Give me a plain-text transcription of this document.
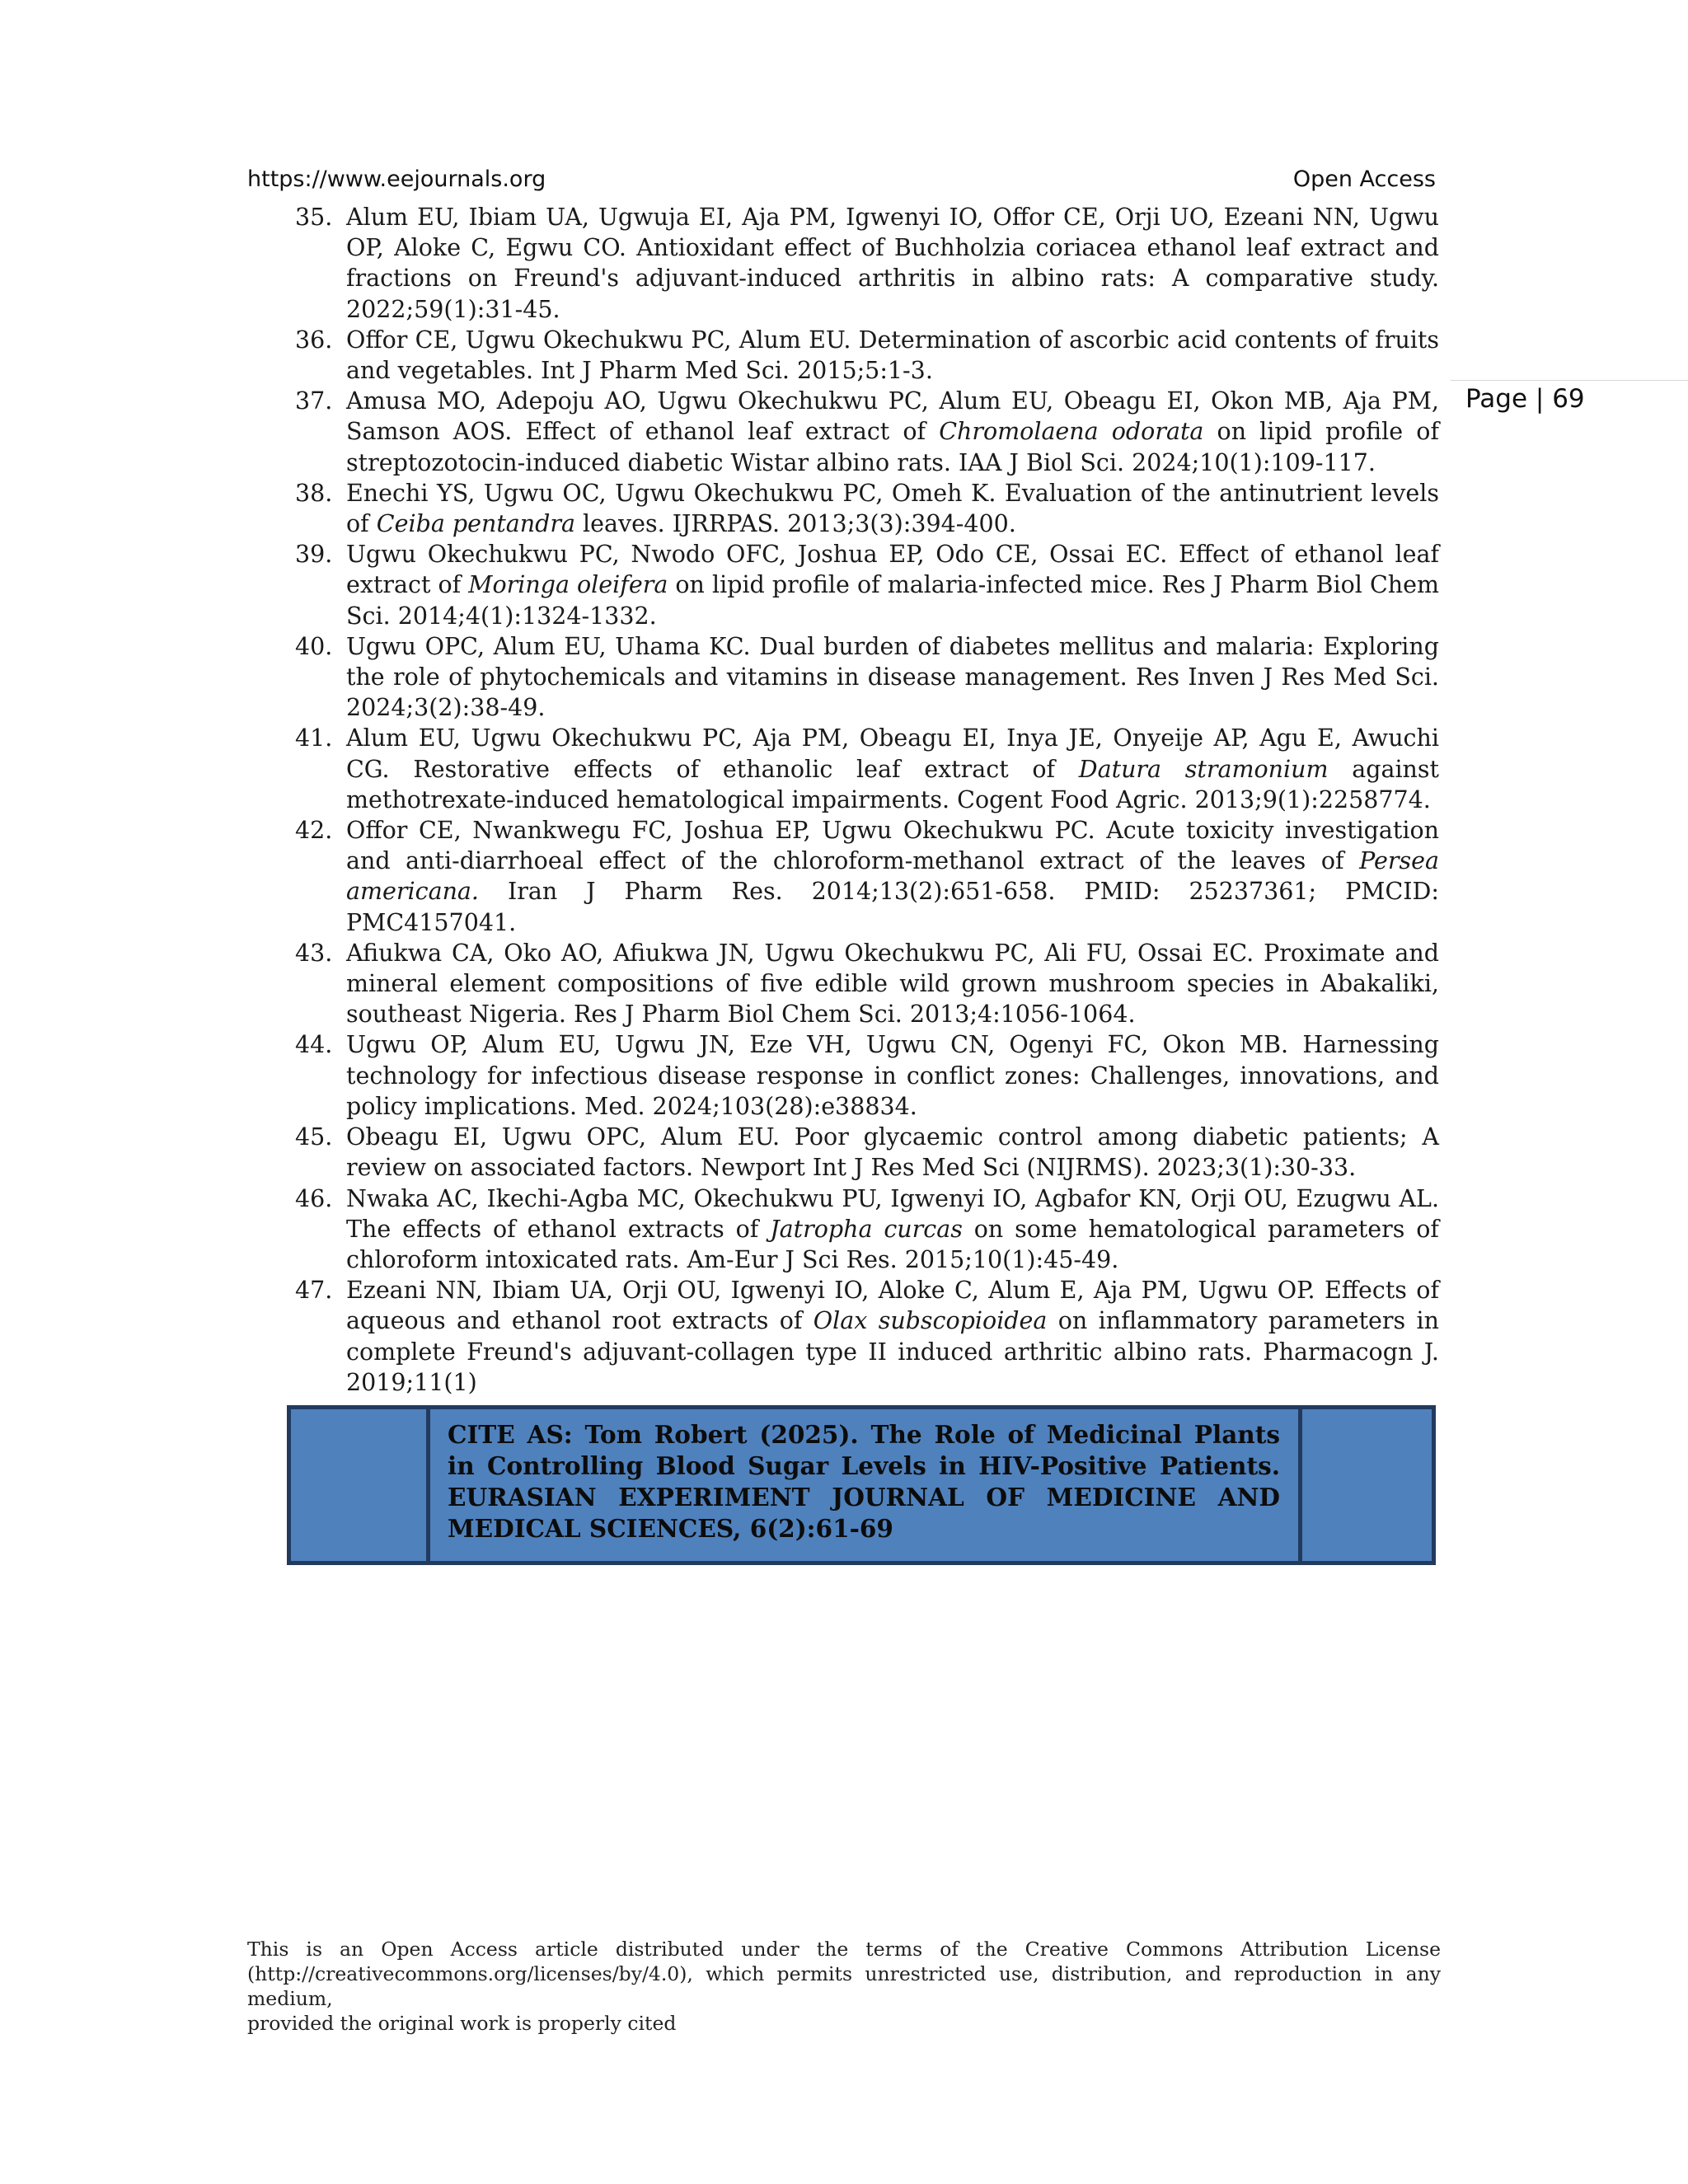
https://www.eejournals.org	Open Access
Page | 69
35. Alum EU, Ibiam UA, Ugwuja EI, Aja PM, Igwenyi IO, Offor CE, Orji UO, Ezeani NN, Ugwu OP, Aloke C, Egwu CO. Antioxidant effect of Buchholzia coriacea ethanol leaf extract and fractions on Freund's adjuvant-induced arthritis in albino rats: A comparative study. 2022;59(1):31-45.
36. Offor CE, Ugwu Okechukwu PC, Alum EU. Determination of ascorbic acid contents of fruits and vegetables. Int J Pharm Med Sci. 2015;5:1-3.
37. Amusa MO, Adepoju AO, Ugwu Okechukwu PC, Alum EU, Obeagu EI, Okon MB, Aja PM, Samson AOS. Effect of ethanol leaf extract of Chromolaena odorata on lipid profile of streptozotocin-induced diabetic Wistar albino rats. IAA J Biol Sci. 2024;10(1):109-117.
38. Enechi YS, Ugwu OC, Ugwu Okechukwu PC, Omeh K. Evaluation of the antinutrient levels of Ceiba pentandra leaves. IJRRPAS. 2013;3(3):394-400.
39. Ugwu Okechukwu PC, Nwodo OFC, Joshua EP, Odo CE, Ossai EC. Effect of ethanol leaf extract of Moringa oleifera on lipid profile of malaria-infected mice. Res J Pharm Biol Chem Sci. 2014;4(1):1324-1332.
40. Ugwu OPC, Alum EU, Uhama KC. Dual burden of diabetes mellitus and malaria: Exploring the role of phytochemicals and vitamins in disease management. Res Inven J Res Med Sci. 2024;3(2):38-49.
41. Alum EU, Ugwu Okechukwu PC, Aja PM, Obeagu EI, Inya JE, Onyeije AP, Agu E, Awuchi CG. Restorative effects of ethanolic leaf extract of Datura stramonium against methotrexate-induced hematological impairments. Cogent Food Agric. 2013;9(1):2258774.
42. Offor CE, Nwankwegu FC, Joshua EP, Ugwu Okechukwu PC. Acute toxicity investigation and anti-diarrhoeal effect of the chloroform-methanol extract of the leaves of Persea americana. Iran J Pharm Res. 2014;13(2):651-658. PMID: 25237361; PMCID: PMC4157041.
43. Afiukwa CA, Oko AO, Afiukwa JN, Ugwu Okechukwu PC, Ali FU, Ossai EC. Proximate and mineral element compositions of five edible wild grown mushroom species in Abakaliki, southeast Nigeria. Res J Pharm Biol Chem Sci. 2013;4:1056-1064.
44. Ugwu OP, Alum EU, Ugwu JN, Eze VH, Ugwu CN, Ogenyi FC, Okon MB. Harnessing technology for infectious disease response in conflict zones: Challenges, innovations, and policy implications. Med. 2024;103(28):e38834.
45. Obeagu EI, Ugwu OPC, Alum EU. Poor glycaemic control among diabetic patients; A review on associated factors. Newport Int J Res Med Sci (NIJRMS). 2023;3(1):30-33.
46. Nwaka AC, Ikechi-Agba MC, Okechukwu PU, Igwenyi IO, Agbafor KN, Orji OU, Ezugwu AL. The effects of ethanol extracts of Jatropha curcas on some hematological parameters of chloroform intoxicated rats. Am-Eur J Sci Res. 2015;10(1):45-49.
47. Ezeani NN, Ibiam UA, Orji OU, Igwenyi IO, Aloke C, Alum E, Aja PM, Ugwu OP. Effects of aqueous and ethanol root extracts of Olax subscopioidea on inflammatory parameters in complete Freund's adjuvant-collagen type II induced arthritic albino rats. Pharmacogn J. 2019;11(1)
CITE AS: Tom Robert (2025). The Role of Medicinal Plants in Controlling Blood Sugar Levels in HIV-Positive Patients. EURASIAN EXPERIMENT JOURNAL OF MEDICINE AND MEDICAL SCIENCES, 6(2):61-69
This is an Open Access article distributed under the terms of the Creative Commons Attribution License (http://creativecommons.org/licenses/by/4.0), which permits unrestricted use, distribution, and reproduction in any medium,
provided the original work is properly cited
